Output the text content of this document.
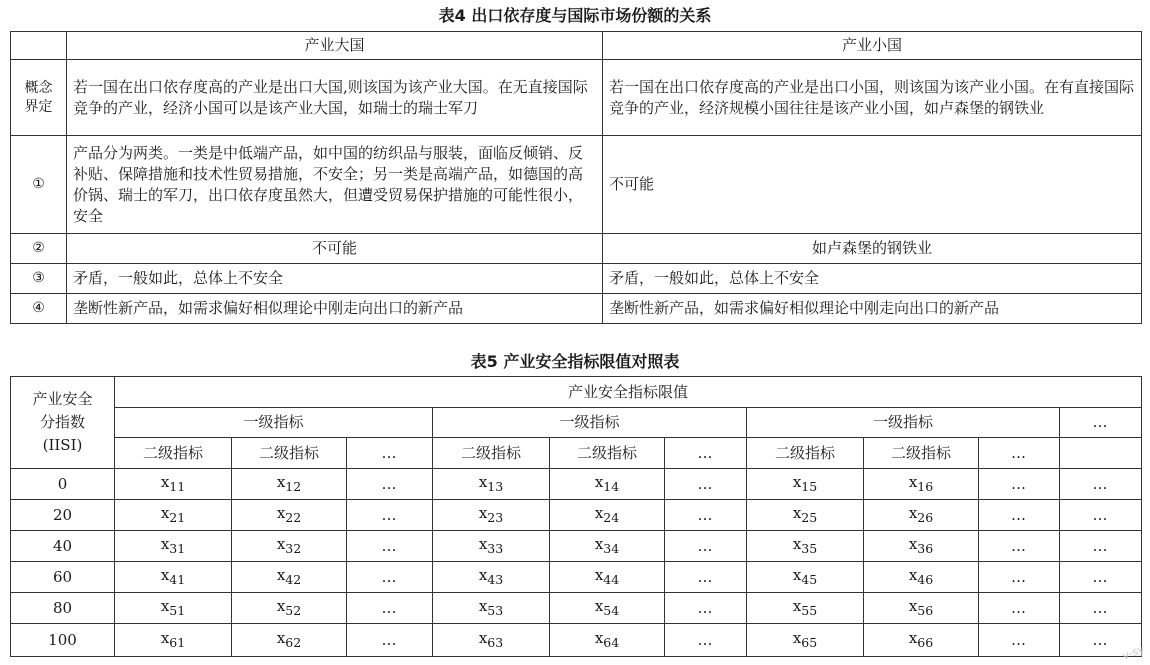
表4 出口依存度与国际市场份额的关系
	产业大国	产业小国
概念界定	若一国在出口依存度高的产业是出口大国,则该国为该产业大国。在无直接国际竞争的产业，经济小国可以是该产业大国，如瑞士的瑞士军刀	若一国在出口依存度高的产业是出口小国，则该国为该产业小国。在有直接国际竞争的产业，经济规模小国往往是该产业小国，如卢森堡的钢铁业
①	产品分为两类。一类是中低端产品，如中国的纺织品与服装，面临反倾销、反补贴、保障措施和技术性贸易措施，不安全；另一类是高端产品，如德国的高价锅、瑞士的军刀，出口依存度虽然大，但遭受贸易保护措施的可能性很小，安全	不可能
②	不可能	如卢森堡的钢铁业
③	矛盾，一般如此，总体上不安全	矛盾，一般如此，总体上不安全
④	垄断性新产品，如需求偏好相似理论中刚走向出口的新产品	垄断性新产品，如需求偏好相似理论中刚走向出口的新产品
表5 产业安全指标限值对照表
产业安全
分指数
(IISI)	产业安全指标限值									
	一级指标			一级指标			一级指标			…
	二级指标	二级指标	…	二级指标	二级指标	…	二级指标	二级指标	…	
0	$x_{11}$	$x_{12}$	…	$x_{13}$	$x_{14}$	…	$x_{15}$	$x_{16}$	…	…
20	$x_{21}$	$x_{22}$	…	$x_{23}$	$x_{24}$	…	$x_{25}$	$x_{26}$	…	…
40	$x_{31}$	$x_{32}$	…	$x_{33}$	$x_{34}$	…	$x_{35}$	$x_{36}$	…	…
60	$x_{41}$	$x_{42}$	…	$x_{43}$	$x_{44}$	…	$x_{45}$	$x_{46}$	…	…
80	$x_{51}$	$x_{52}$	…	$x_{53}$	$x_{54}$	…	$x_{55}$	$x_{56}$	…	…
100	$x_{61}$	$x_{62}$	…	$x_{63}$	$x_{64}$	…	$x_{65}$	$x_{66}$	…	…
v-sy
